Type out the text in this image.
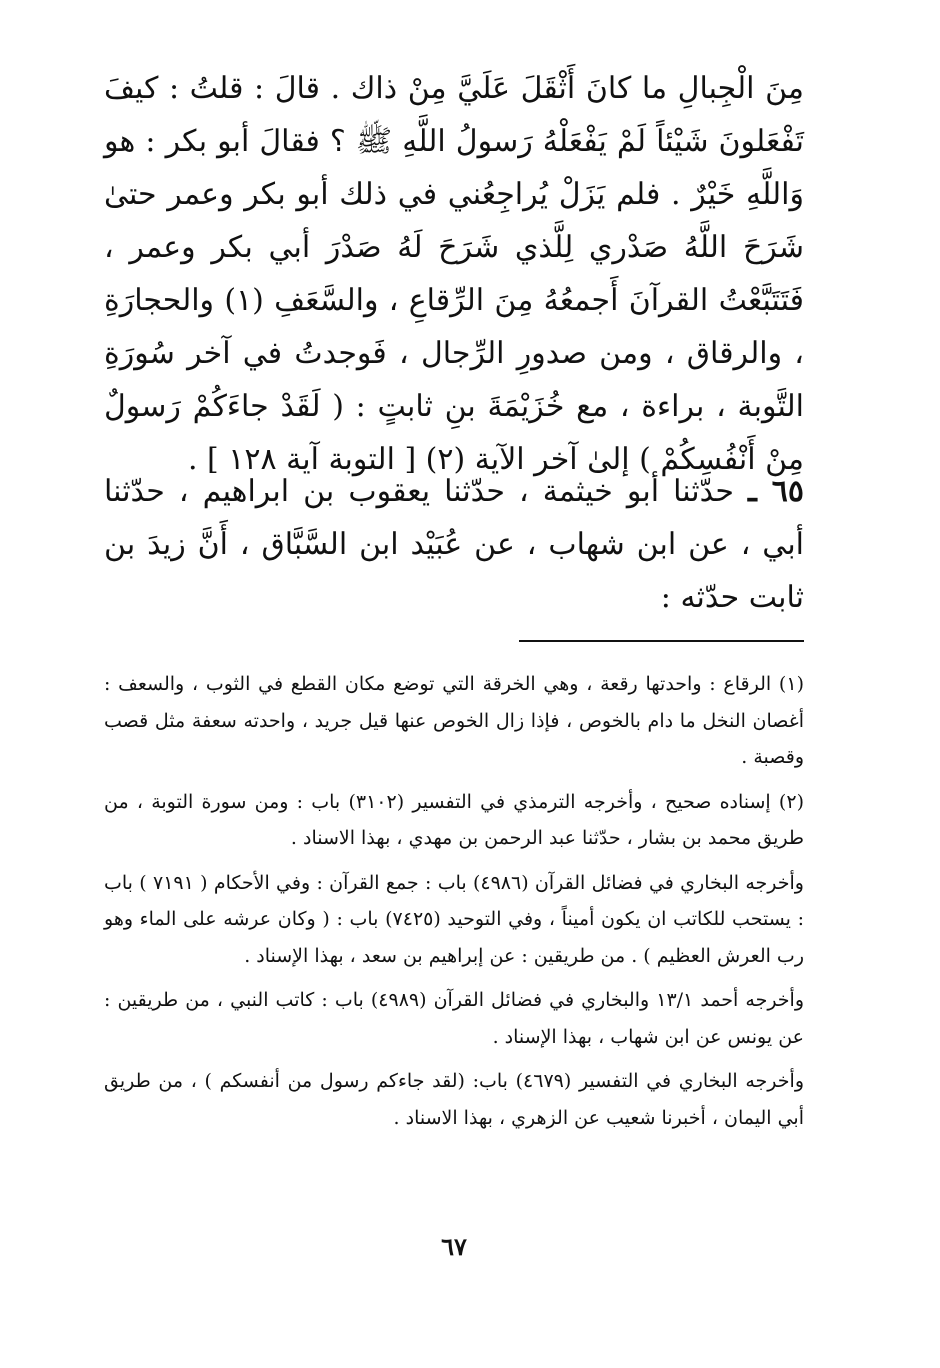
مِنَ الْجِبالِ ما كانَ أَثْقَلَ عَلَيَّ مِنْ ذاك . قالَ : قلتُ : كيفَ تَفْعَلونَ شَيْئاً لَمْ يَفْعَلْهُ رَسولُ اللَّهِ ﷺ ؟ فقالَ أبو بكر : هو وَاللَّهِ خَيْرٌ . فلم يَزَلْ يُراجِعُني في ذلك أبو بكر وعمر حتىٰ شَرَحَ اللَّهُ صَدْري لِلَّذي شَرَحَ لَهُ صَدْرَ أبي بكر وعمر ، فَتَتَبَّعْتُ القرآنَ أَجمعُهُ مِنَ الرِّقاعِ ، والسَّعَفِ (١) والحجارَةِ ، والرقاق ، ومن صدورِ الرِّجال ، فَوجدتُ في آخر سُورَةِ التَّوبة ، براءة ، مع خُزَيْمَةَ بنِ ثابتٍ : ( لَقَدْ جاءَكُمْ رَسولٌ مِنْ أَنْفُسِكُمْ ) إلىٰ آخر الآية (٢) [ التوبة آية ١٢٨ ] .

٦٥ ـ حدّثنا أبو خيثمة ، حدّثنا يعقوب بن ابراهيم ، حدّثنا أبي ، عن ابن شهاب ، عن عُبَيْد ابن السَّبَّاق ، أَنَّ زيدَ بن ثابت حدّثه :

(١) الرقاع : واحدتها رقعة ، وهي الخرقة التي توضع مكان القطع في الثوب ، والسعف : أغصان النخل ما دام بالخوص ، فإذا زال الخوص عنها قيل جريد ، واحدته سعفة مثل قصب وقصبة .

(٢) إسناده صحيح ، وأخرجه الترمذي في التفسير (٣١٠٢) باب : ومن سورة التوبة ، من طريق محمد بن بشار ، حدّثنا عبد الرحمن بن مهدي ، بهذا الاسناد .

وأخرجه البخاري في فضائل القرآن (٤٩٨٦) باب : جمع القرآن : وفي الأحكام ( ٧١٩١ ) باب : يستحب للكاتب ان يكون أميناً ، وفي التوحيد (٧٤٢٥) باب : ( وكان عرشه على الماء وهو رب العرش العظيم ) . من طريقين : عن إبراهيم بن سعد ، بهذا الإسناد .

وأخرجه أحمد ١٣/١ والبخاري في فضائل القرآن (٤٩٨٩) باب : كاتب النبي ، من طريقين : عن يونس عن ابن شهاب ، بهذا الإسناد .

وأخرجه البخاري في التفسير (٤٦٧٩) باب: (لقد جاءكم رسول من أنفسكم ) ، من طريق أبي اليمان ، أخبرنا شعيب عن الزهري ، بهذا الاسناد .

٦٧
